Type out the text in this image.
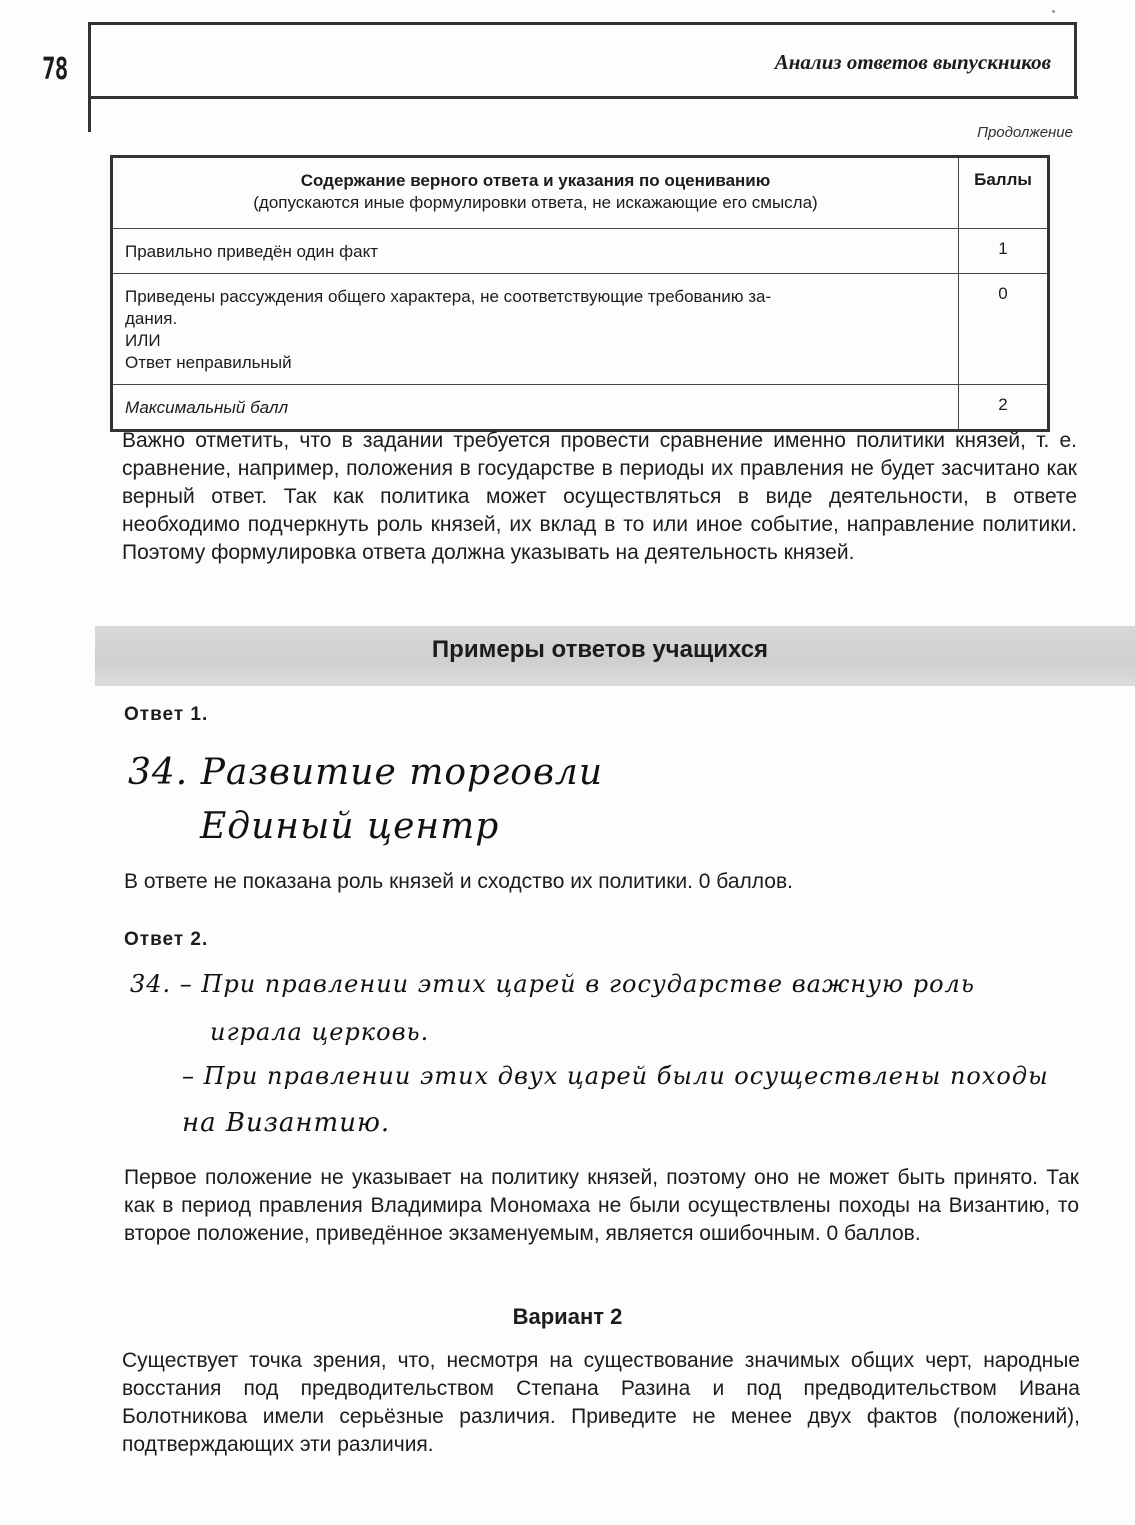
78	Анализ ответов выпускников
Продолжение
Содержание верного ответа и указания по оцениванию
(допускаются иные формулировки ответа, не искажающие его смысла)	Баллы
Правильно приведён один факт	1

Приведены рассуждения общего характера, не соответствующие требованию за-
дания.
ИЛИ
Ответ неправильный	0
Максимальный балл	2

Важно отметить, что в задании требуется провести сравнение именно политики князей, т. е. сравнение, например, положения в государстве в периоды их правления не будет засчитано как верный ответ. Так как политика может осуществляться в виде деятельности, в ответе необходимо подчеркнуть роль князей, их вклад в то или иное событие, направление политики. Поэтому формулировка ответа должна указывать на деятельность князей.

Примеры ответов учащихся
Ответ 1.
34. Развитие торговли
Единый центр
В ответе не показана роль князей и сходство их политики. 0 баллов.
Ответ 2.
34. – При правлении этих царей в государстве важную роль
играла церковь.
– При правлении этих двух царей были осуществлены походы
на Византию.

Первое положение не указывает на политику князей, поэтому оно не может быть принято. Так как в период правления Владимира Мономаха не были осуществлены походы на Византию, то второе положение, приведённое экзаменуемым, является ошибочным. 0 баллов.

Вариант 2

Существует точка зрения, что, несмотря на существование значимых общих черт, народные восстания под предводительством Степана Разина и под предводительством Ивана Болотникова имели серьёзные различия. Приведите не менее двух фактов (положений), подтверждающих эти различия.
